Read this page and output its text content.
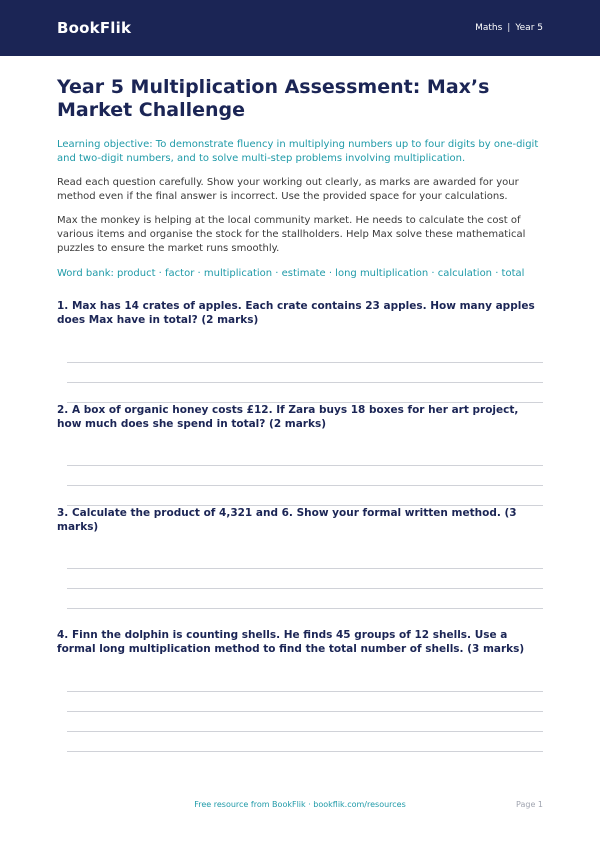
BookFlik	Maths | Year 5
Year 5 Multiplication Assessment: Max’s Market Challenge

Learning objective: To demonstrate fluency in multiplying numbers up to four digits by one-digit and two-digit numbers, and to solve multi-step problems involving multiplication.

Read each question carefully. Show your working out clearly, as marks are awarded for your method even if the final answer is incorrect. Use the provided space for your calculations.

Max the monkey is helping at the local community market. He needs to calculate the cost of various items and organise the stock for the stallholders. Help Max solve these mathematical puzzles to ensure the market runs smoothly.

Word bank: product · factor · multiplication · estimate · long multiplication · calculation · total

1. Max has 14 crates of apples. Each crate contains 23 apples. How many apples does Max have in total? (2 marks)

2. A box of organic honey costs £12. If Zara buys 18 boxes for her art project, how much does she spend in total? (2 marks)

3. Calculate the product of 4,321 and 6. Show your formal written method. (3 marks)

4. Finn the dolphin is counting shells. He finds 45 groups of 12 shells. Use a formal long multiplication method to find the total number of shells. (3 marks)

Free resource from BookFlik · bookflik.com/resources	Page 1
